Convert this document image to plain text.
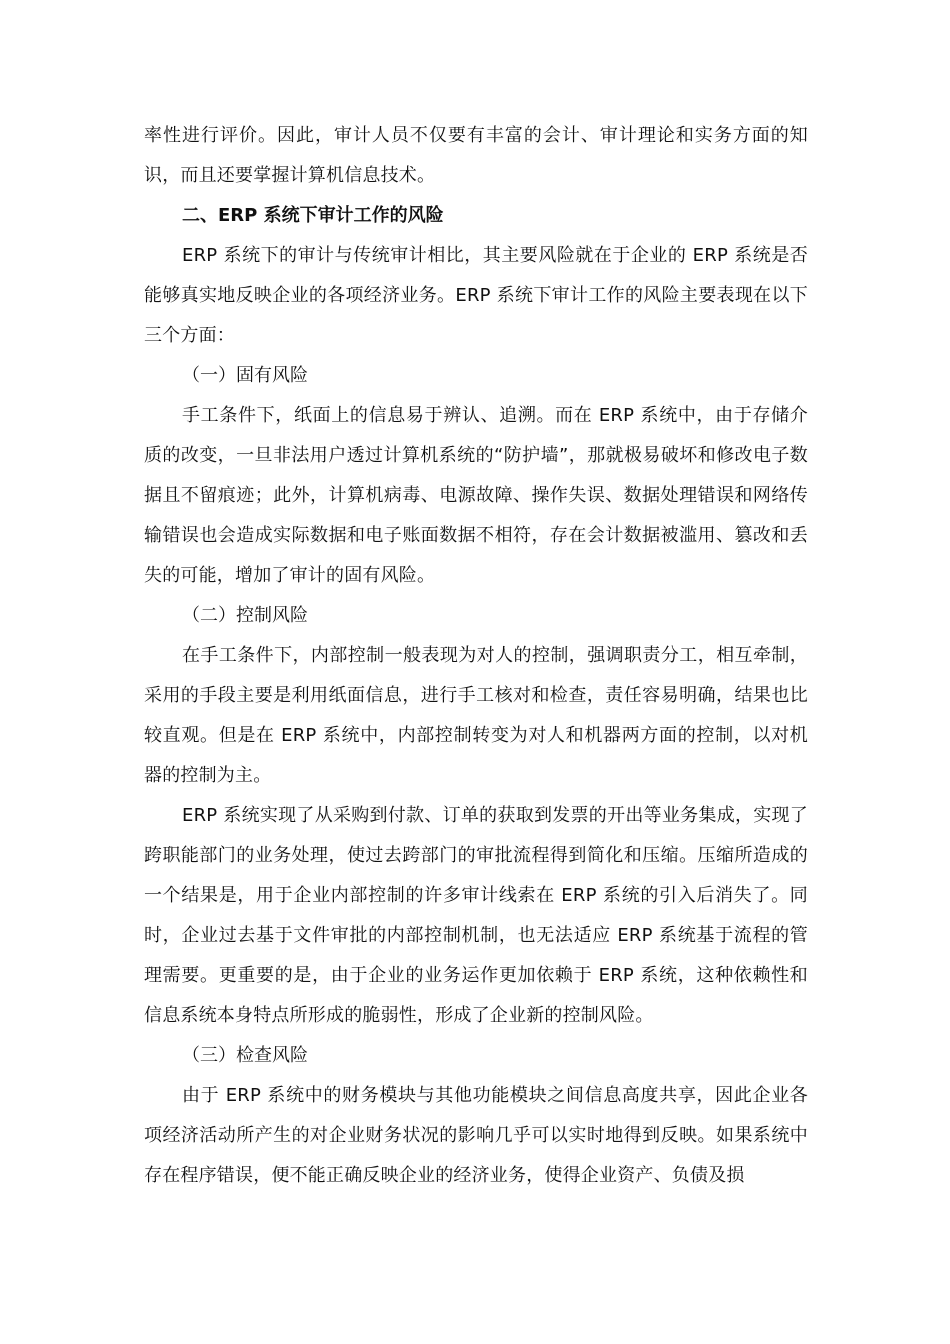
率性进行评价。因此，审计人员不仅要有丰富的会计、审计理论和实务方面的知识，而且还要掌握计算机信息技术。

二、ERP 系统下审计工作的风险

ERP 系统下的审计与传统审计相比，其主要风险就在于企业的 ERP 系统是否能够真实地反映企业的各项经济业务。ERP 系统下审计工作的风险主要表现在以下三个方面：

（一）固有风险

手工条件下，纸面上的信息易于辨认、追溯。而在 ERP 系统中，由于存储介质的改变，一旦非法用户透过计算机系统的“防护墙”，那就极易破坏和修改电子数据且不留痕迹；此外，计算机病毒、电源故障、操作失误、数据处理错误和网络传输错误也会造成实际数据和电子账面数据不相符，存在会计数据被滥用、篡改和丢失的可能，增加了审计的固有风险。

（二）控制风险

在手工条件下，内部控制一般表现为对人的控制，强调职责分工，相互牵制，采用的手段主要是利用纸面信息，进行手工核对和检查，责任容易明确，结果也比较直观。但是在 ERP 系统中，内部控制转变为对人和机器两方面的控制，以对机器的控制为主。

ERP 系统实现了从采购到付款、订单的获取到发票的开出等业务集成，实现了跨职能部门的业务处理，使过去跨部门的审批流程得到简化和压缩。压缩所造成的一个结果是，用于企业内部控制的许多审计线索在 ERP 系统的引入后消失了。同时，企业过去基于文件审批的内部控制机制，也无法适应 ERP 系统基于流程的管理需要。更重要的是，由于企业的业务运作更加依赖于 ERP 系统，这种依赖性和信息系统本身特点所形成的脆弱性，形成了企业新的控制风险。

（三）检查风险

由于 ERP 系统中的财务模块与其他功能模块之间信息高度共享，因此企业各项经济活动所产生的对企业财务状况的影响几乎可以实时地得到反映。如果系统中存在程序错误，便不能正确反映企业的经济业务，使得企业资产、负债及损
